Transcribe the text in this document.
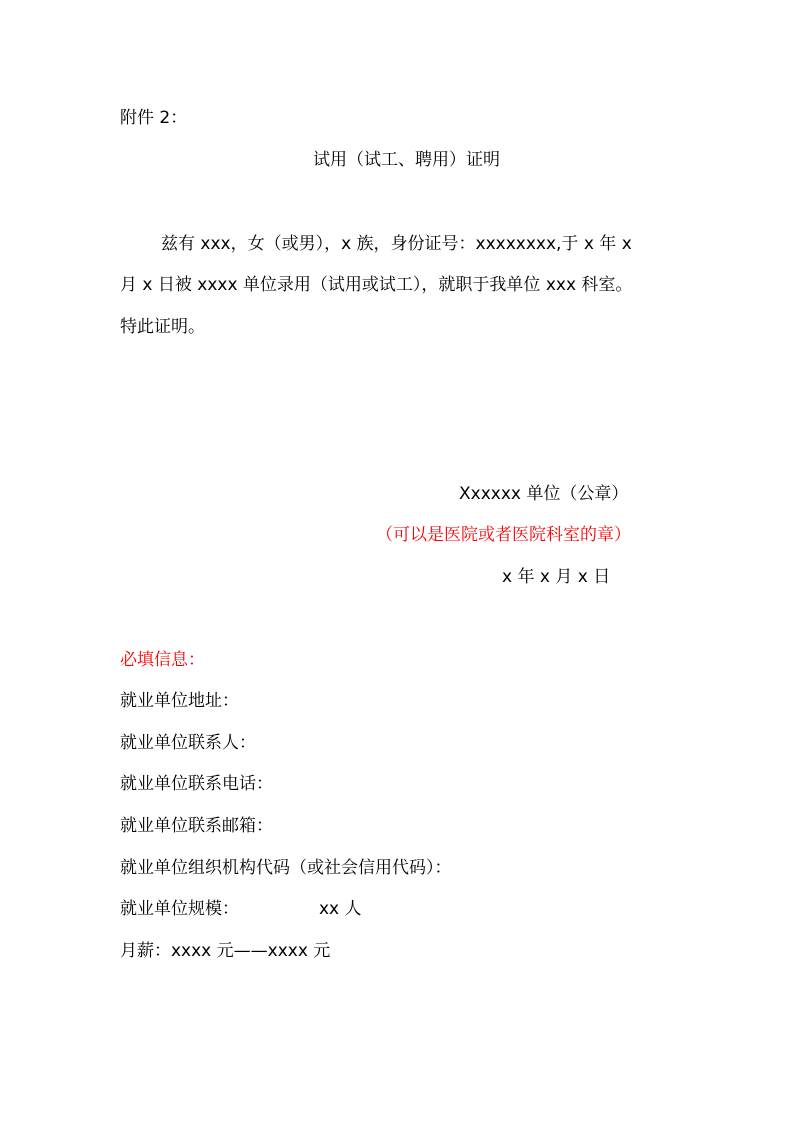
附件 2：
试用（试工、聘用）证明
兹有 xxx，女（或男），x 族，身份证号：xxxxxxxx,于 x 年 x
月 x 日被 xxxx 单位录用（试用或试工），就职于我单位 xxx 科室。
特此证明。
Xxxxxx 单位（公章）
（可以是医院或者医院科室的章）
x 年 x 月 x 日
必填信息：
就业单位地址：
就业单位联系人：
就业单位联系电话：
就业单位联系邮箱：
就业单位组织机构代码（或社会信用代码）：
就业单位规模：	xx 人
月薪：xxxx 元——xxxx 元
